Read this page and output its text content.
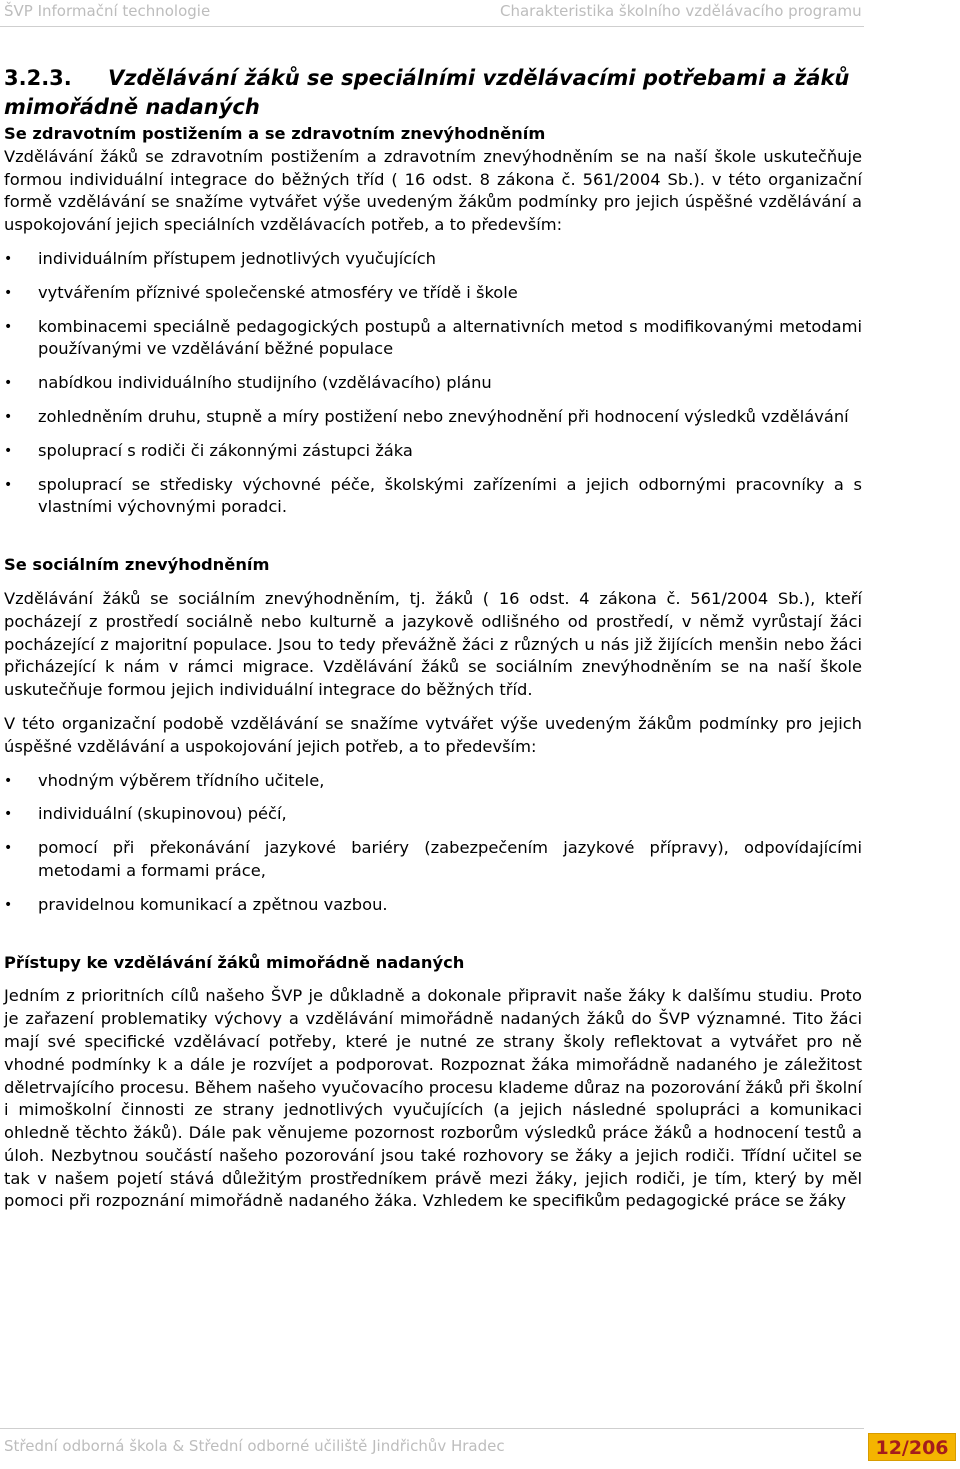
ŠVP Informační technologie	Charakteristika školního vzdělávacího programu
3.2.3. Vzdělávání žáků se speciálními vzdělávacími potřebami a žáků mimořádně nadaných
Se zdravotním postižením a se zdravotním znevýhodněním

Vzdělávání žáků se zdravotním postižením a zdravotním znevýhodněním se na naší škole uskutečňuje formou individuální integrace do běžných tříd ( 16 odst. 8 zákona č. 561/2004 Sb.). v této organizační formě vzdělávání se snažíme vytvářet výše uvedeným žákům podmínky pro jejich úspěšné vzdělávání a uspokojování jejich speciálních vzdělávacích potřeb, a to především:

• individuálním přístupem jednotlivých vyučujících
• vytvářením příznivé společenské atmosféry ve třídě i škole
• kombinacemi speciálně pedagogických postupů a alternativních metod s modifikovanými metodami používanými ve vzdělávání běžné populace
• nabídkou individuálního studijního (vzdělávacího) plánu
• zohledněním druhu, stupně a míry postižení nebo znevýhodnění při hodnocení výsledků vzdělávání
• spoluprací s rodiči či zákonnými zástupci žáka
• spoluprací se středisky výchovné péče, školskými zařízeními a jejich odbornými pracovníky a s vlastními výchovnými poradci.
Se sociálním znevýhodněním

Vzdělávání žáků se sociálním znevýhodněním, tj. žáků ( 16 odst. 4 zákona č. 561/2004 Sb.), kteří pocházejí z prostředí sociálně nebo kulturně a jazykově odlišného od prostředí, v němž vyrůstají žáci pocházející z majoritní populace. Jsou to tedy převážně žáci z různých u nás již žijících menšin nebo žáci přicházející k nám v rámci migrace. Vzdělávání žáků se sociálním znevýhodněním se na naší škole uskutečňuje formou jejich individuální integrace do běžných tříd.

V této organizační podobě vzdělávání se snažíme vytvářet výše uvedeným žákům podmínky pro jejich úspěšné vzdělávání a uspokojování jejich potřeb, a to především:

• vhodným výběrem třídního učitele,
• individuální (skupinovou) péčí,
• pomocí při překonávání jazykové bariéry (zabezpečením jazykové přípravy), odpovídajícími metodami a formami práce,
• pravidelnou komunikací a zpětnou vazbou.
Přístupy ke vzdělávání žáků mimořádně nadaných

Jedním z prioritních cílů našeho ŠVP je důkladně a dokonale připravit naše žáky k dalšímu studiu. Proto je zařazení problematiky výchovy a vzdělávání mimořádně nadaných žáků do ŠVP významné. Tito žáci mají své specifické vzdělávací potřeby, které je nutné ze strany školy reflektovat a vytvářet pro ně vhodné podmínky k a dále je rozvíjet a podporovat. Rozpoznat žáka mimořádně nadaného je záležitost děletrvajícího procesu. Během našeho vyučovacího procesu klademe důraz na pozorování žáků při školní i mimoškolní činnosti ze strany jednotlivých vyučujících (a jejich následné spolupráci a komunikaci ohledně těchto žáků). Dále pak věnujeme pozornost rozborům výsledků práce žáků a hodnocení testů a úloh. Nezbytnou součástí našeho pozorování jsou také rozhovory se žáky a jejich rodiči. Třídní učitel se tak v našem pojetí stává důležitým prostředníkem právě mezi žáky, jejich rodiči, je tím, který by měl pomoci při rozpoznání mimořádně nadaného žáka. Vzhledem ke specifikům pedagogické práce se žáky

Střední odborná škola & Střední odborné učiliště Jindřichův Hradec	12/206
